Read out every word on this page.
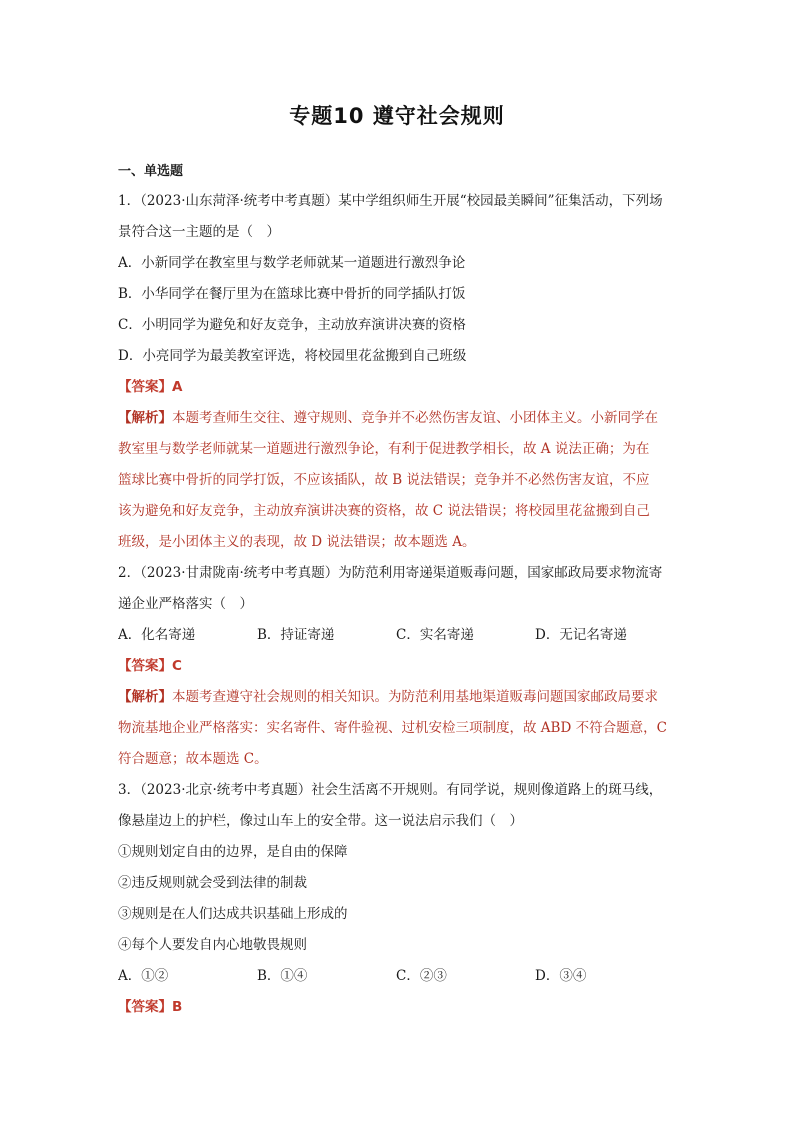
专题10 遵守社会规则
一、单选题
1．（2023·山东菏泽·统考中考真题）某中学组织师生开展“校园最美瞬间”征集活动，下列场
景符合这一主题的是（　）
A．小新同学在教室里与数学老师就某一道题进行激烈争论
B．小华同学在餐厅里为在篮球比赛中骨折的同学插队打饭
C．小明同学为避免和好友竞争，主动放弃演讲决赛的资格
D．小亮同学为最美教室评选，将校园里花盆搬到自己班级
【答案】A
【解析】本题考查师生交往、遵守规则、竞争并不必然伤害友谊、小团体主义。小新同学在
教室里与数学老师就某一道题进行激烈争论，有利于促进教学相长，故 A 说法正确；为在
篮球比赛中骨折的同学打饭，不应该插队，故 B 说法错误；竞争并不必然伤害友谊，不应
该为避免和好友竞争，主动放弃演讲决赛的资格，故 C 说法错误；将校园里花盆搬到自己
班级，是小团体主义的表现，故 D 说法错误；故本题选 A。
2．（2023·甘肃陇南·统考中考真题）为防范利用寄递渠道贩毒问题，国家邮政局要求物流寄
递企业严格落实（　）
A．化名寄递	B．持证寄递	C．实名寄递	D．无记名寄递
【答案】C
【解析】本题考查遵守社会规则的相关知识。为防范利用基地渠道贩毒问题国家邮政局要求
物流基地企业严格落实：实名寄件、寄件验视、过机安检三项制度，故 ABD 不符合题意，C
符合题意；故本题选 C。
3．（2023·北京·统考中考真题）社会生活离不开规则。有同学说，规则像道路上的斑马线，
像悬崖边上的护栏，像过山车上的安全带。这一说法启示我们（　）
①规则划定自由的边界，是自由的保障
②违反规则就会受到法律的制裁
③规则是在人们达成共识基础上形成的
④每个人要发自内心地敬畏规则
A．①②	B．①④	C．②③	D．③④
【答案】B
